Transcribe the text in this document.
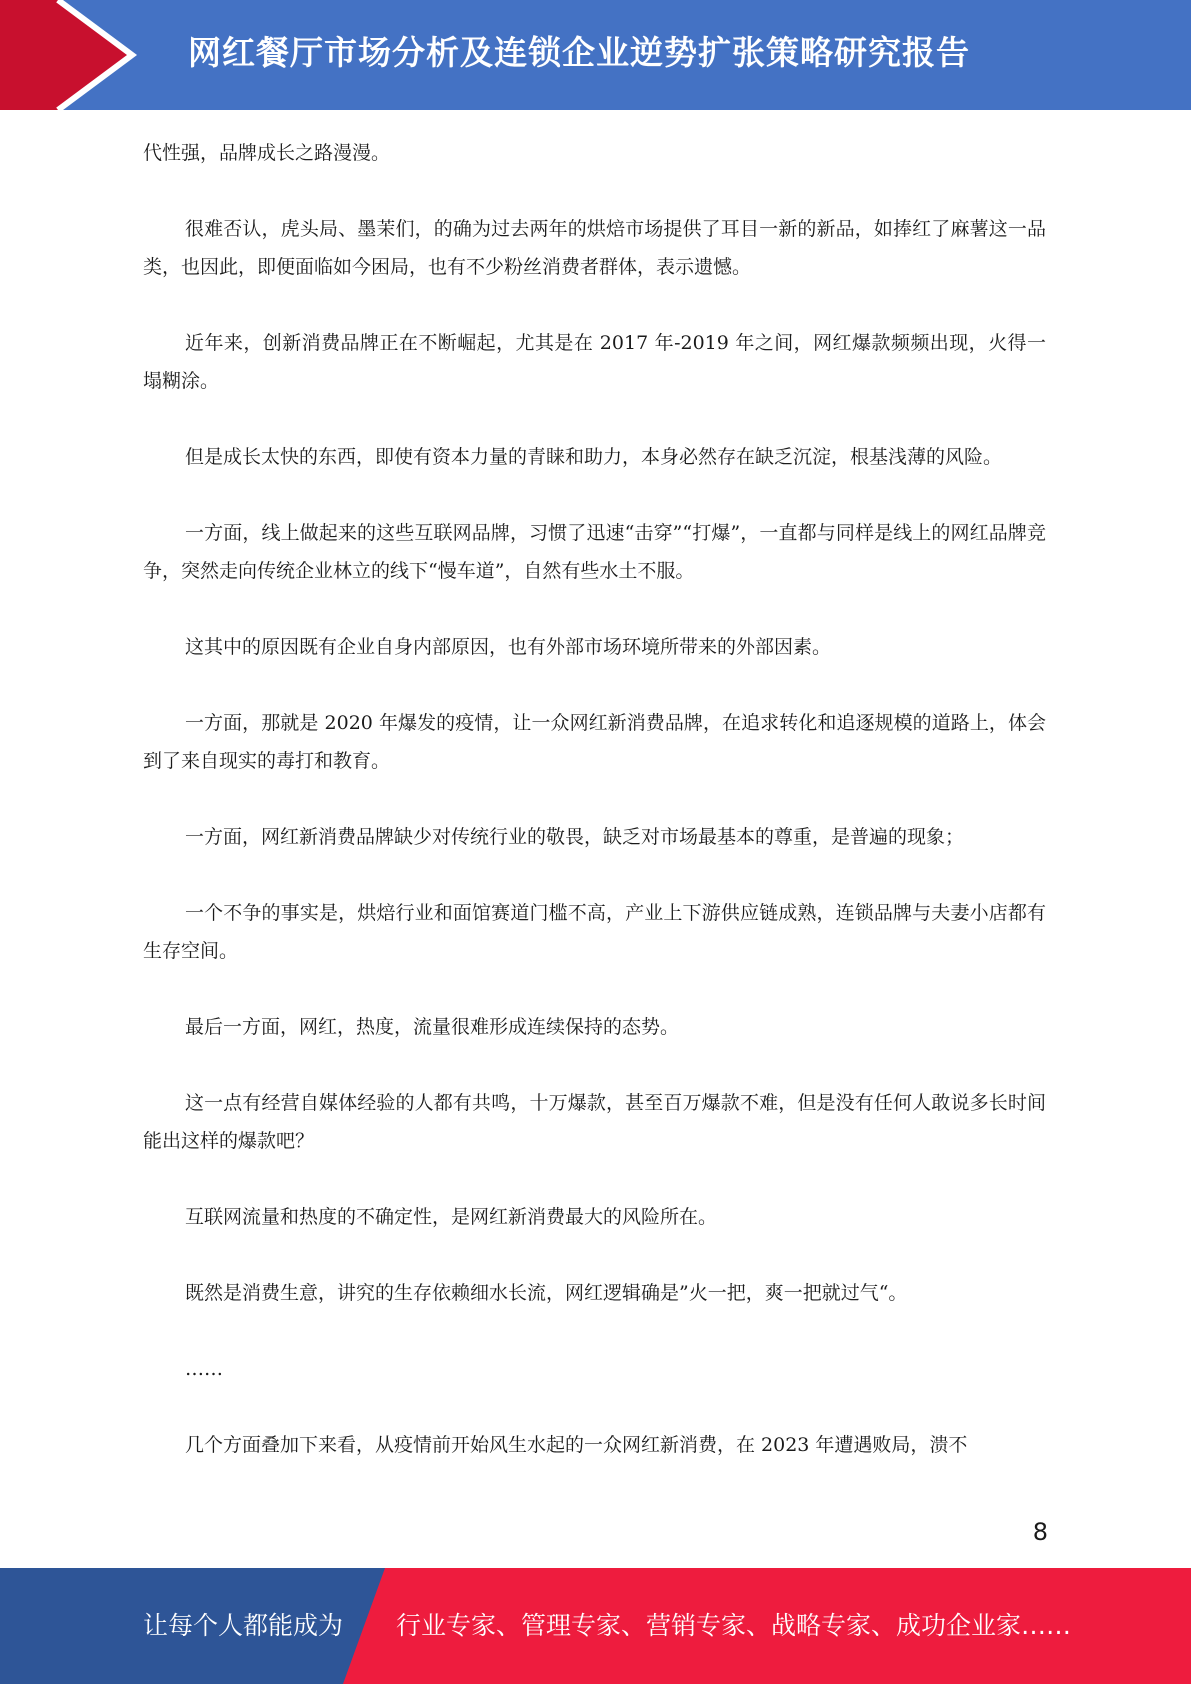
网红餐厅市场分析及连锁企业逆势扩张策略研究报告

代性强，品牌成长之路漫漫。

很难否认，虎头局、墨茉们，的确为过去两年的烘焙市场提供了耳目一新的新品，如捧红了麻薯这一品类，也因此，即便面临如今困局，也有不少粉丝消费者群体，表示遗憾。

近年来，创新消费品牌正在不断崛起，尤其是在 2017 年-2019 年之间，网红爆款频频出现，火得一塌糊涂。

但是成长太快的东西，即使有资本力量的青睐和助力，本身必然存在缺乏沉淀，根基浅薄的风险。

一方面，线上做起来的这些互联网品牌，习惯了迅速“击穿”“打爆”，一直都与同样是线上的网红品牌竞争，突然走向传统企业林立的线下“慢车道”，自然有些水土不服。

这其中的原因既有企业自身内部原因，也有外部市场环境所带来的外部因素。

一方面，那就是 2020 年爆发的疫情，让一众网红新消费品牌，在追求转化和追逐规模的道路上，体会到了来自现实的毒打和教育。

一方面，网红新消费品牌缺少对传统行业的敬畏，缺乏对市场最基本的尊重，是普遍的现象；

一个不争的事实是，烘焙行业和面馆赛道门槛不高，产业上下游供应链成熟，连锁品牌与夫妻小店都有生存空间。

最后一方面，网红，热度，流量很难形成连续保持的态势。

这一点有经营自媒体经验的人都有共鸣，十万爆款，甚至百万爆款不难，但是没有任何人敢说多长时间能出这样的爆款吧？

互联网流量和热度的不确定性，是网红新消费最大的风险所在。

既然是消费生意，讲究的生存依赖细水长流，网红逻辑确是”火一把，爽一把就过气“。

……

几个方面叠加下来看，从疫情前开始风生水起的一众网红新消费，在 2023 年遭遇败局，溃不

8
让每个人都能成为 行业专家、管理专家、营销专家、战略专家、成功企业家……
